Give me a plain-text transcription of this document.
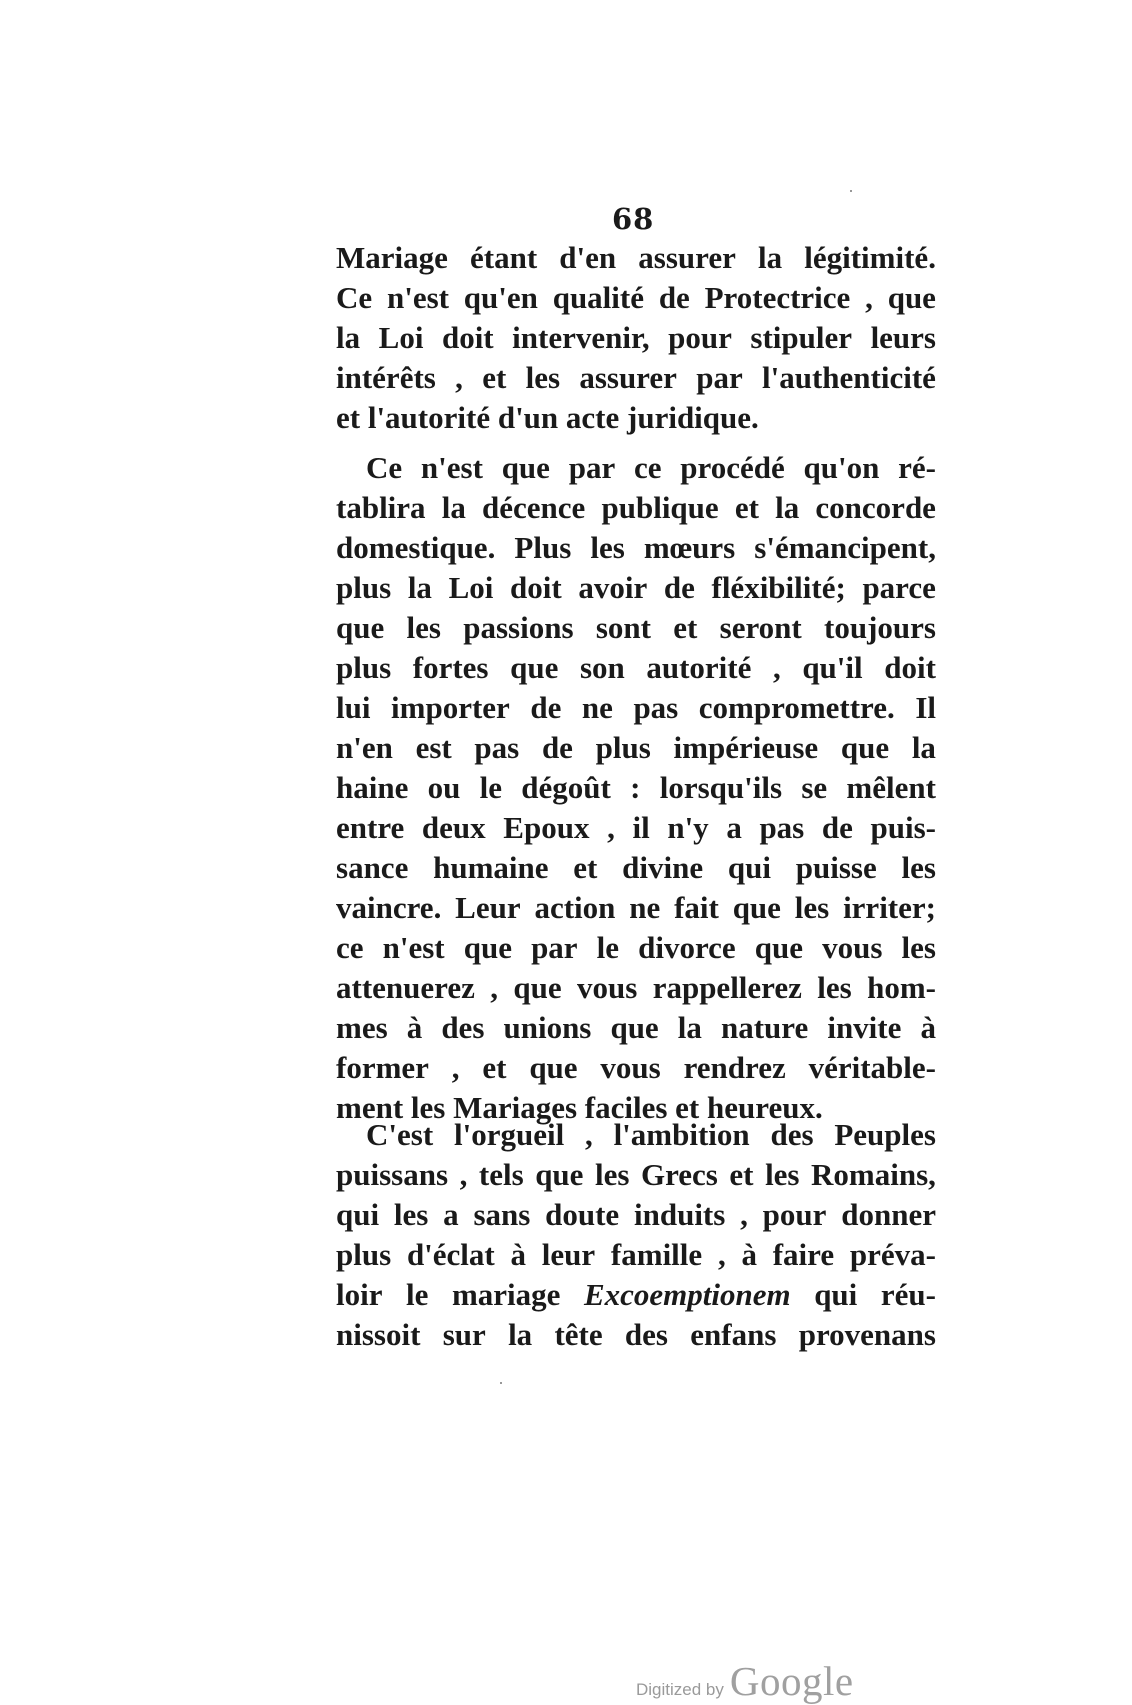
68
Mariage étant d'en assurer la légitimité.
Ce n'est qu'en qualité de Protectrice , que
la Loi doit intervenir, pour stipuler leurs
intérêts , et les assurer par l'authenticité
et l'autorité d'un acte juridique.
Ce n'est que par ce procédé qu'on ré-
tablira la décence publique et la concorde
domestique. Plus les mœurs s'émancipent,
plus la Loi doit avoir de fléxibilité; parce
que les passions sont et seront toujours
plus fortes que son autorité , qu'il doit
lui importer de ne pas compromettre. Il
n'en est pas de plus impérieuse que la
haine ou le dégoût : lorsqu'ils se mêlent
entre deux Epoux , il n'y a pas de puis-
sance humaine et divine qui puisse les
vaincre. Leur action ne fait que les irriter;
ce n'est que par le divorce que vous les
attenuerez , que vous rappellerez les hom-
mes à des unions que la nature invite à
former , et que vous rendrez véritable-
ment les Mariages faciles et heureux.
C'est l'orgueil , l'ambition des Peuples
puissans , tels que les Grecs et les Romains,
qui les a sans doute induits , pour donner
plus d'éclat à leur famille , à faire préva-
loir le mariage Excoemptionem qui réu-
nissoit sur la tête des enfans provenans
Digitized by Google
